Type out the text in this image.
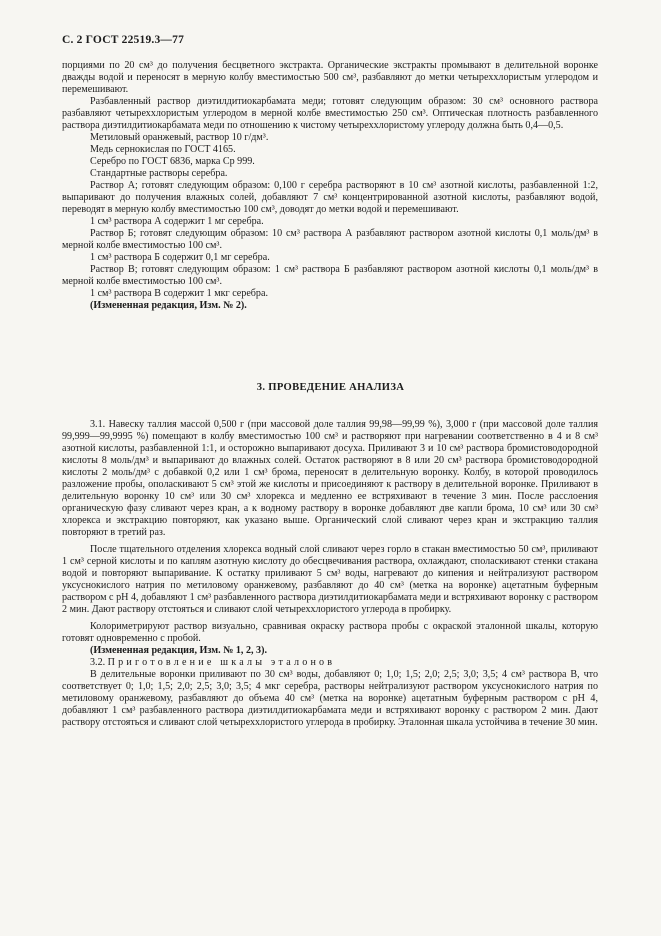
С. 2 ГОСТ 22519.3—77

порциями по 20 см³ до получения бесцветного экстракта. Органические экстракты промывают в делительной воронке дважды водой и переносят в мерную колбу вместимостью 500 см³, разбавляют до метки четыреххлористым углеродом и перемешивают.

Разбавленный раствор диэтилдитиокарбамата меди; готовят следующим образом: 30 см³ основного раствора разбавляют четыреххлористым углеродом в мерной колбе вместимостью 250 см³. Оптическая плотность разбавленного раствора диэтилдитиокарбамата меди по отношению к чистому четыреххлористому углероду должна быть 0,4—0,5.

Метиловый оранжевый, раствор 10 г/дм³.

Медь сернокислая по ГОСТ 4165.

Серебро по ГОСТ 6836, марка Ср 999.

Стандартные растворы серебра.

Раствор А; готовят следующим образом: 0,100 г серебра растворяют в 10 см³ азотной кислоты, разбавленной 1:2, выпаривают до получения влажных солей, добавляют 7 см³ концентрированной азотной кислоты, разбавляют водой, переводят в мерную колбу вместимостью 100 см³, доводят до метки водой и перемешивают.

1 см³ раствора А содержит 1 мг серебра.

Раствор Б; готовят следующим образом: 10 см³ раствора А разбавляют раствором азотной кислоты 0,1 моль/дм³ в мерной колбе вместимостью 100 см³.

1 см³ раствора Б содержит 0,1 мг серебра.

Раствор В; готовят следующим образом: 1 см³ раствора Б разбавляют раствором азотной кислоты 0,1 моль/дм³ в мерной колбе вместимостью 100 см³.

1 см³ раствора В содержит 1 мкг серебра.

(Измененная редакция, Изм. № 2).

3. ПРОВЕДЕНИЕ АНАЛИЗА

3.1. Навеску таллия массой 0,500 г (при массовой доле таллия 99,98—99,99 %), 3,000 г (при массовой доле таллия 99,999—99,9995 %) помещают в колбу вместимостью 100 см³ и растворяют при нагревании соответственно в 4 и 8 см³ азотной кислоты, разбавленной 1:1, и осторожно выпаривают досуха. Приливают 3 и 10 см³ раствора бромистоводородной кислоты 8 моль/дм³ и выпаривают до влажных солей. Остаток растворяют в 8 или 20 см³ раствора бромистоводородной кислоты 2 моль/дм³ с добавкой 0,2 или 1 см³ брома, переносят в делительную воронку. Колбу, в которой проводилось разложение пробы, ополаскивают 5 см³ этой же кислоты и присоединяют к раствору в делительной воронке. Приливают в делительную воронку 10 см³ или 30 см³ хлорекса и медленно ее встряхивают в течение 3 мин. После расслоения органическую фазу сливают через кран, а к водному раствору в воронке добавляют две капли брома, 10 см³ или 30 см³ хлорекса и экстракцию повторяют, как указано выше. Органический слой сливают через кран и экстракцию таллия повторяют в третий раз.

После тщательного отделения хлорекса водный слой сливают через горло в стакан вместимостью 50 см³, приливают 1 см³ серной кислоты и по каплям азотную кислоту до обесцвечивания раствора, охлаждают, споласкивают стенки стакана водой и повторяют выпаривание. К остатку приливают 5 см³ воды, нагревают до кипения и нейтрализуют раствором уксуснокислого натрия по метиловому оранжевому, разбавляют до 40 см³ (метка на воронке) ацетатным буферным раствором с рН 4, добавляют 1 см³ разбавленного раствора диэтилдитиокарбамата меди и встряхивают воронку с раствором 2 мин. Дают раствору отстояться и сливают слой четыреххлористого углерода в пробирку.

Колориметрируют раствор визуально, сравнивая окраску раствора пробы с окраской эталонной шкалы, которую готовят одновременно с пробой.

(Измененная редакция, Изм. № 1, 2, 3).

3.2. Приготовление шкалы эталонов

В делительные воронки приливают по 30 см³ воды, добавляют 0; 1,0; 1,5; 2,0; 2,5; 3,0; 3,5; 4 см³ раствора В, что соответствует 0; 1,0; 1,5; 2,0; 2,5; 3,0; 3,5; 4 мкг серебра, растворы нейтрализуют раствором уксуснокислого натрия по метиловому оранжевому, разбавляют до объема 40 см³ (метка на воронке) ацетатным буферным раствором с рН 4, добавляют 1 см³ разбавленного раствора диэтилдитиокарбамата меди и встряхивают воронку с раствором 2 мин. Дают раствору отстояться и сливают слой четыреххлористого углерода в пробирку. Эталонная шкала устойчива в течение 30 мин.
